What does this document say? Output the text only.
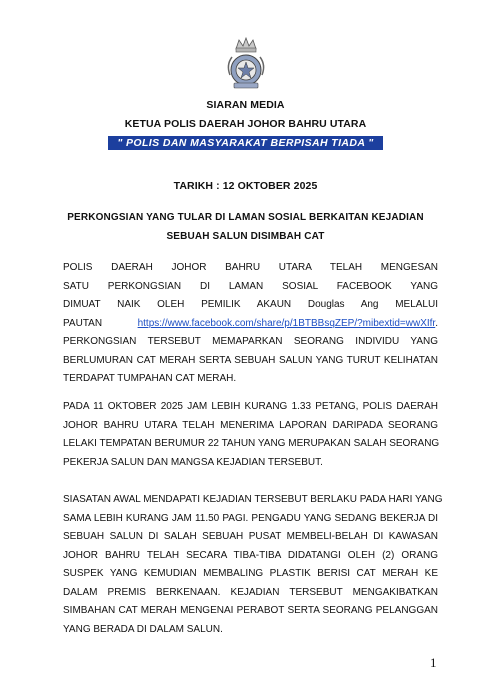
SIARAN MEDIA
KETUA POLIS DAERAH JOHOR BAHRU UTARA
" POLIS DAN MASYARAKAT BERPISAH TIADA "
TARIKH : 12 OKTOBER 2025
PERKONGSIAN YANG TULAR DI LAMAN SOSIAL BERKAITAN KEJADIAN
SEBUAH SALUN DISIMBAH CAT
POLIS DAERAH JOHOR BAHRU UTARA TELAH MENGESAN
SATU PERKONGSIAN DI LAMAN SOSIAL FACEBOOK YANG
DIMUAT NAIK OLEH PEMILIK AKAUN Douglas Ang MELALUI
PAUTAN	https://www.facebook.com/share/p/1BTBBsqZEP/?mibextid=wwXIfr.
PERKONGSIAN TERSEBUT MEMAPARKAN SEORANG INDIVIDU YANG
BERLUMURAN CAT MERAH SERTA SEBUAH SALUN YANG TURUT KELIHATAN
TERDAPAT TUMPAHAN CAT MERAH.
PADA 11 OKTOBER 2025 JAM LEBIH KURANG 1.33 PETANG, POLIS DAERAH
JOHOR BAHRU UTARA TELAH MENERIMA LAPORAN DARIPADA SEORANG
LELAKI TEMPATAN BERUMUR 22 TAHUN YANG MERUPAKAN SALAH SEORANG
PEKERJA SALUN DAN MANGSA KEJADIAN TERSEBUT.
SIASATAN AWAL MENDAPATI KEJADIAN TERSEBUT BERLAKU PADA HARI YANG
SAMA LEBIH KURANG JAM 11.50 PAGI. PENGADU YANG SEDANG BEKERJA DI
SEBUAH SALUN DI SALAH SEBUAH PUSAT MEMBELI-BELAH DI KAWASAN
JOHOR BAHRU TELAH SECARA TIBA-TIBA DIDATANGI OLEH (2) ORANG
SUSPEK YANG KEMUDIAN MEMBALING PLASTIK BERISI CAT MERAH KE
DALAM PREMIS BERKENAAN. KEJADIAN TERSEBUT MENGAKIBATKAN
SIMBAHAN CAT MERAH MENGENAI PERABOT SERTA SEORANG PELANGGAN
YANG BERADA DI DALAM SALUN.
1
